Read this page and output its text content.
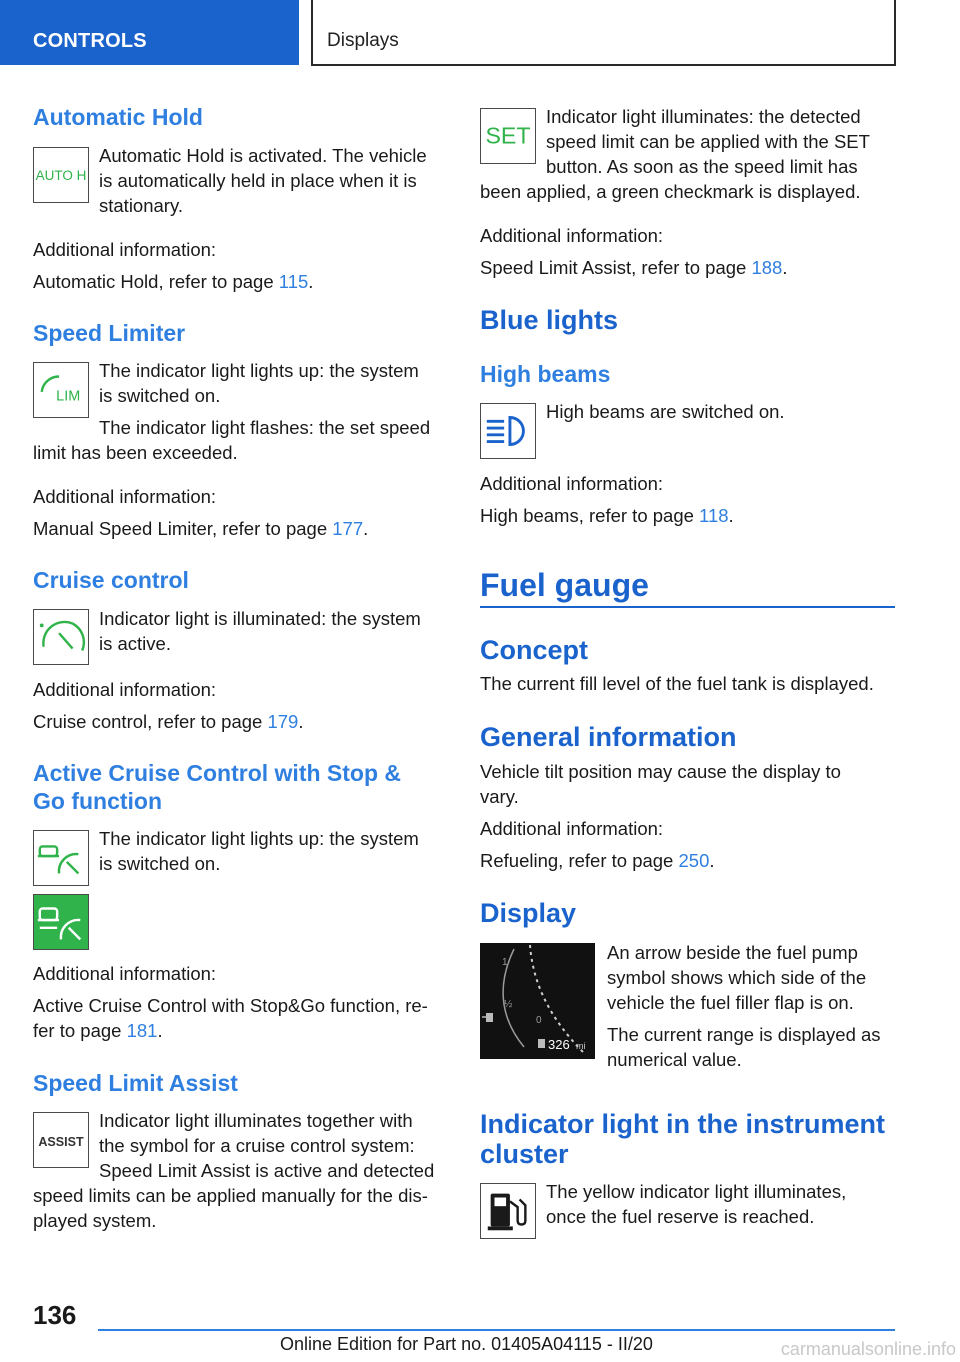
CONTROLS	Displays
Automatic Hold
AUTO H
Automatic Hold is activated. The vehicle
is automatically held in place when it is
stationary.
Additional information:
Automatic Hold, refer to page 115.
Speed Limiter
LIM
The indicator light lights up: the system
is switched on.
The indicator light flashes: the set speed
limit has been exceeded.
Additional information:
Manual Speed Limiter, refer to page 177.
Cruise control
Indicator light is illuminated: the system
is active.
Additional information:
Cruise control, refer to page 179.
Active Cruise Control with Stop &
Go function
The indicator light lights up: the system
is switched on.
Additional information:
Active Cruise Control with Stop&Go function, re-
fer to page 181.
Speed Limit Assist
ASSIST
Indicator light illuminates together with
the symbol for a cruise control system:
Speed Limit Assist is active and detected
speed limits can be applied manually for the dis-
played system.
SET
Indicator light illuminates: the detected
speed limit can be applied with the SET
button. As soon as the speed limit has
been applied, a green checkmark is displayed.
Additional information:
Speed Limit Assist, refer to page 188.
Blue lights
High beams
High beams are switched on.
Additional information:
High beams, refer to page 118.
Fuel gauge
Concept
The current fill level of the fuel tank is displayed.
General information
Vehicle tilt position may cause the display to
vary.
Additional information:
Refueling, refer to page 250.
Display
1
½
0
326 mi
An arrow beside the fuel pump
symbol shows which side of the
vehicle the fuel filler flap is on.
The current range is displayed as
numerical value.
Indicator light in the instrument
cluster
The yellow indicator light illuminates,
once the fuel reserve is reached.
136
Online Edition for Part no. 01405A04115 - II/20	carmanualsonline.info
